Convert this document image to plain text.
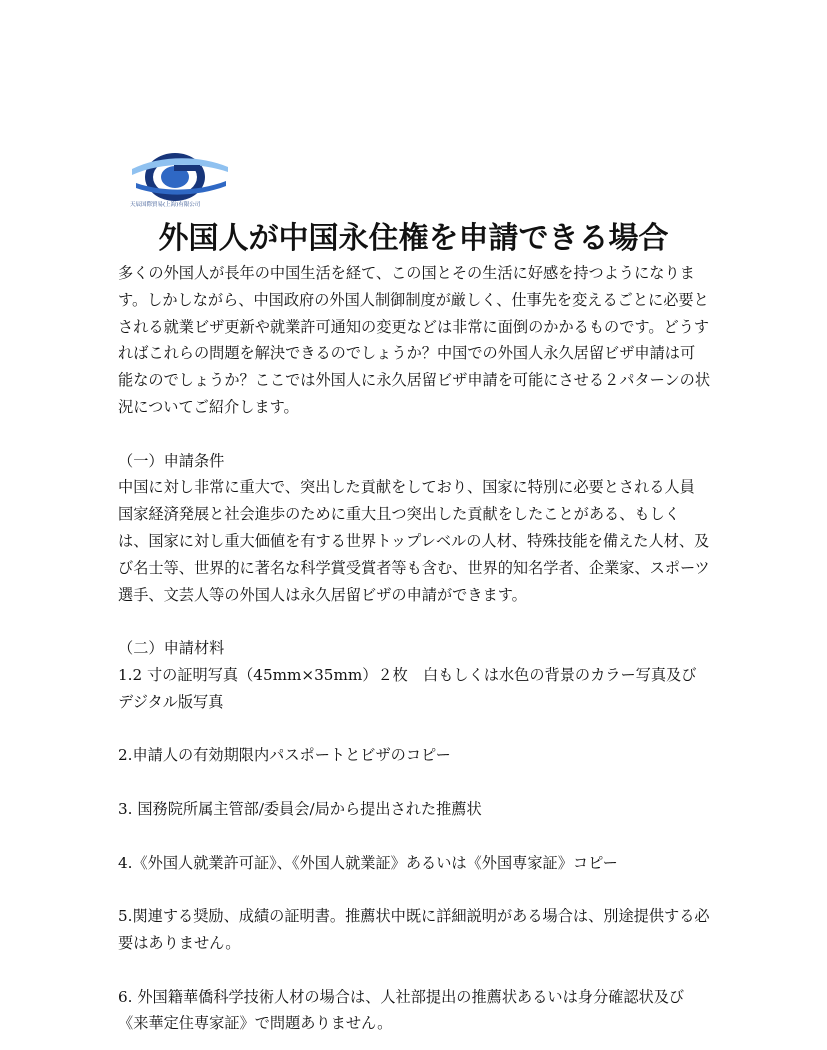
天辰国際貿易(上海)有限公司
外国人が中国永住権を申請できる場合

多くの外国人が長年の中国生活を経て、この国とその生活に好感を持つようになります。しかしながら、中国政府の外国人制御制度が厳しく、仕事先を変えるごとに必要とされる就業ビザ更新や就業許可通知の変更などは非常に面倒のかかるものです。どうすればこれらの問題を解決できるのでしょうか？中国での外国人永久居留ビザ申請は可能なのでしょうか？ここでは外国人に永久居留ビザ申請を可能にさせる２パターンの状況についてご紹介します。

（一）申請条件

中国に対し非常に重大で、突出した貢献をしており、国家に特別に必要とされる人員

国家経済発展と社会進歩のために重大且つ突出した貢献をしたことがある、もしくは、国家に対し重大価値を有する世界トップレベルの人材、特殊技能を備えた人材、及び名士等、世界的に著名な科学賞受賞者等も含む、世界的知名学者、企業家、スポーツ選手、文芸人等の外国人は永久居留ビザの申請ができます。

（二）申請材料

1.2 寸の証明写真（45mm×35mm）２枚　白もしくは水色の背景のカラー写真及びデジタル版写真

2.申請人の有効期限内パスポートとビザのコピー

3. 国務院所属主管部/委員会/局から提出された推薦状

4.《外国人就業許可証》、《外国人就業証》あるいは《外国専家証》コピー

5.関連する奨励、成績の証明書。推薦状中既に詳細説明がある場合は、別途提供する必要はありません。

6. 外国籍華僑科学技術人材の場合は、人社部提出の推薦状あるいは身分確認状及び《来華定住専家証》で問題ありません。
